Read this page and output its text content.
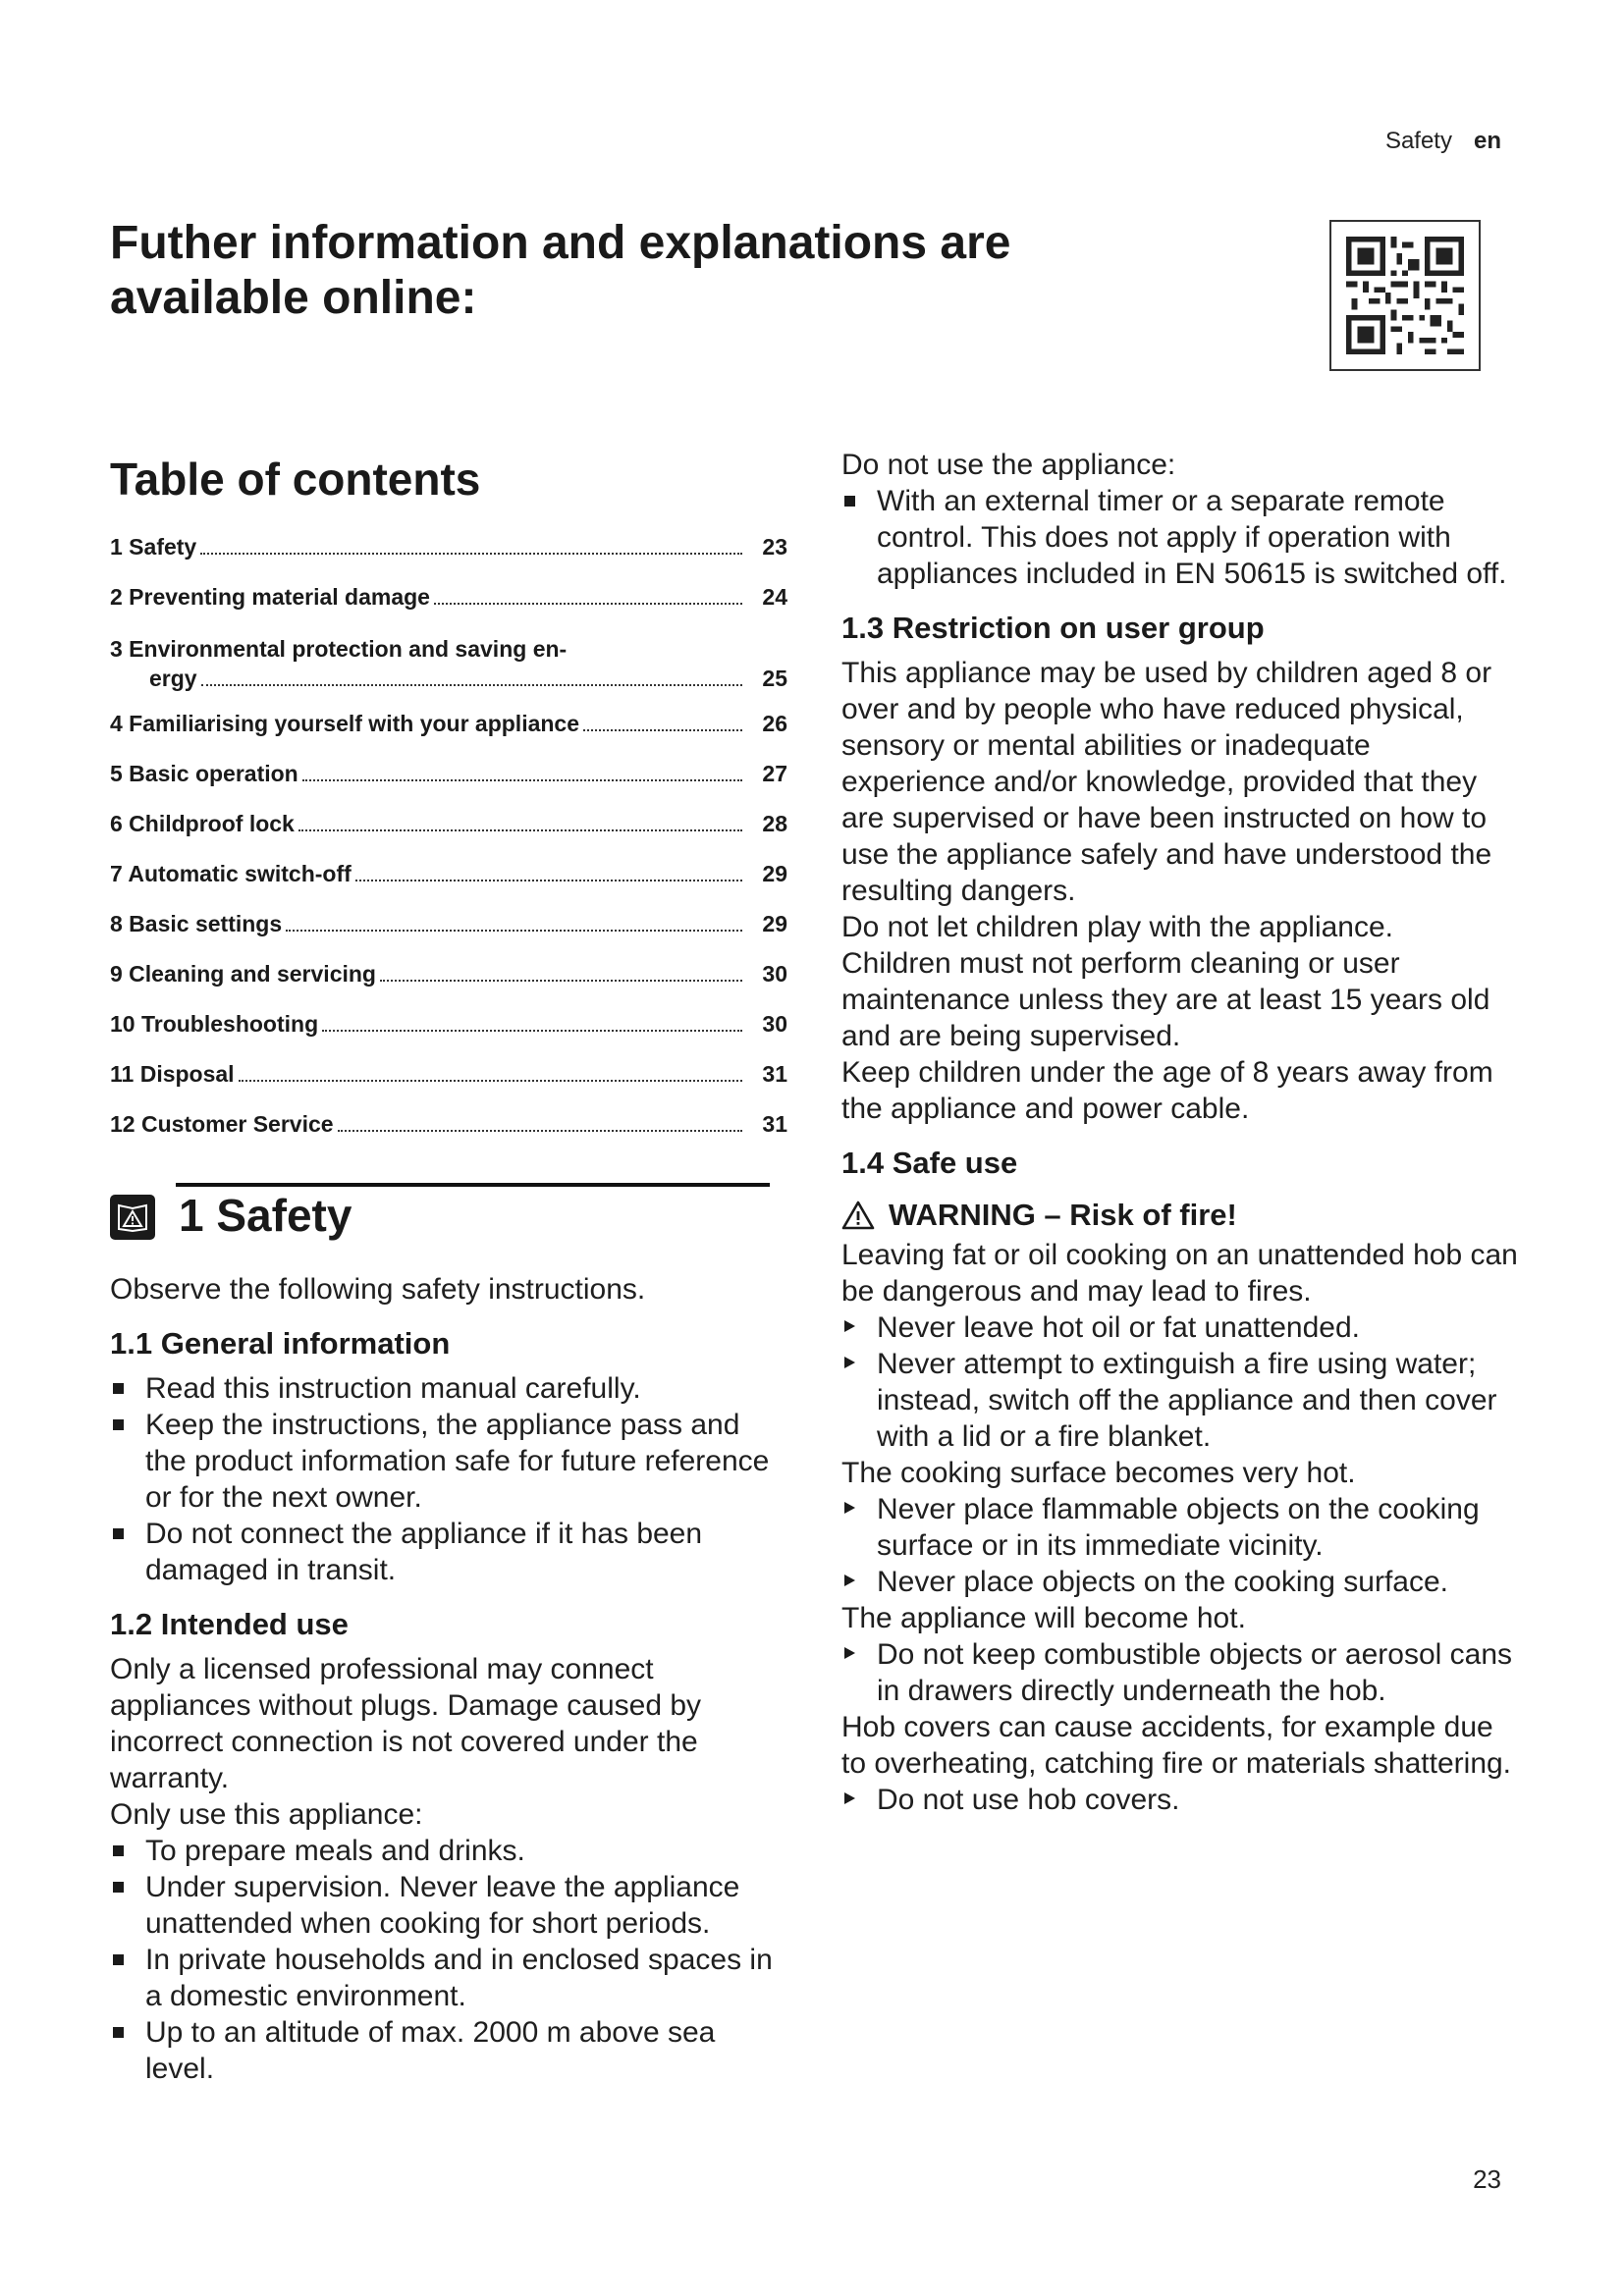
Safety en
Futher information and explanations are available online:
Table of contents
1 Safety	23
2 Preventing material damage	24
3 Environmental protection and saving en-
ergy	25
4 Familiarising yourself with your appliance	26
5 Basic operation	27
6 Childproof lock	28
7 Automatic switch-off	29
8 Basic settings	29
9 Cleaning and servicing	30
10 Troubleshooting	30
11 Disposal	31
12 Customer Service	31
1 Safety

Observe the following safety instructions.

1.1 General information
Read this instruction manual carefully.
Keep the instructions, the appliance pass and the product information safe for future reference or for the next owner.
Do not connect the appliance if it has been damaged in transit.
1.2 Intended use

Only a licensed professional may connect appliances without plugs. Damage caused by incorrect connection is not covered under the warranty.

Only use this appliance:

To prepare meals and drinks.
Under supervision. Never leave the appliance unattended when cooking for short periods.
In private households and in enclosed spaces in a domestic environment.
Up to an altitude of max. 2000 m above sea level.

Do not use the appliance:

With an external timer or a separate remote control. This does not apply if operation with appliances included in EN 50615 is switched off.
1.3 Restriction on user group

This appliance may be used by children aged 8 or over and by people who have reduced physical, sensory or mental abilities or inadequate experience and/or knowledge, provided that they are supervised or have been instructed on how to use the appliance safely and have understood the resulting dangers.

Do not let children play with the appliance.

Children must not perform cleaning or user maintenance unless they are at least 15 years old and are being supervised.

Keep children under the age of 8 years away from the appliance and power cable.

1.4 Safe use
WARNING – Risk of fire!

Leaving fat or oil cooking on an unattended hob can be dangerous and may lead to fires.

Never leave hot oil or fat unattended.
Never attempt to extinguish a fire using water; instead, switch off the appliance and then cover with a lid or a fire blanket.

The cooking surface becomes very hot.

Never place flammable objects on the cooking surface or in its immediate vicinity.
Never place objects on the cooking surface.

The appliance will become hot.

Do not keep combustible objects or aerosol cans in drawers directly underneath the hob.

Hob covers can cause accidents, for example due to overheating, catching fire or materials shattering.

Do not use hob covers.
23
